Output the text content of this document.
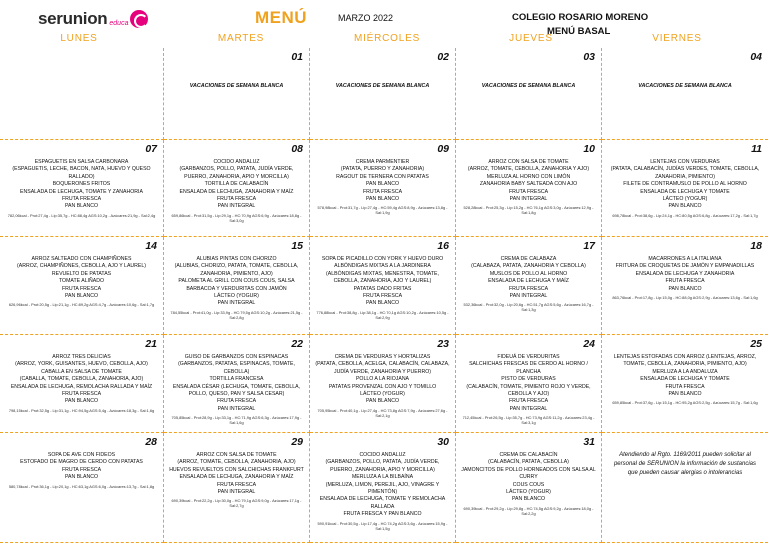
serunion educa	MENÚ	MARZO 2022	COLEGIO ROSARIO MORENO
MENÚ BASAL
LUNES	MARTES	MIÉRCOLES	JUEVES	VIERNES
01
VACACIONES DE SEMANA BLANCA
02
VACACIONES DE SEMANA BLANCA
03
VACACIONES DE SEMANA BLANCA
04
VACACIONES DE SEMANA BLANCA
07
ESPAGUETIS EN SALSA CARBONARA
(ESPAGUETIS, LECHE, BACON, NATA, HUEVO Y QUESO RALLADO)
BOQUERONES FRITOS
ENSALADA DE LECHUGA, TOMATE Y ZANAHORIA
FRUTA FRESCA
PAN BLANCO
782,06kcal - Prot:27,4g - Lip:35,7g - HC:88,4g AGS:10,2g - Azúcares:21,9g - Sal:2,4g
08
COCIDO ANDALUZ
(GARBANZOS, POLLO, PATATA, JUDÍA VERDE, PUERRO, ZANAHORIA, APIO Y MORCILLA)
TORTILLA DE CALABACÍN
ENSALADA DE LECHUGA, ZANAHORIA Y MAÍZ
FRUTA FRESCA
PAN INTEGRAL
659,86kcal - Prot:31,5g - Lip:29,1g - HC:70,9g AGS:6,9g - Azúcares:18,8g - Sal:3,0g
09
CREMA PARMENTIER
(PATATA, PUERRO Y ZANAHORIA)
RAGOUT DE TERNERA CON PATATAS
PAN BLANCO
FRUTA FRESCA
PAN BLANCO
578,98kcal - Prot:31,7g - Lip:27,4g - HC:59,4g AGS:8,9g - Azúcares:13,8g - Sal:1,9g
10
ARROZ CON SALSA DE TOMATE
(ARROZ, TOMATE, CEBOLLA, ZANAHORIA Y AJO)
MERLUZA AL HORNO CON LIMÓN
ZANAHORIA BABY SALTEADA CON AJO
FRUTA FRESCA
PAN INTEGRAL
528,28kcal - Prot:25,3g - Lip:15,2g - HC:76,1g AGS:3,0g - Azúcares:12,9g - Sal:1,8g
11
LENTEJAS CON VERDURAS
(PATATA, CALABACÍN, JUDÍAS VERDES, TOMATE, CEBOLLA, ZANAHORIA, PIMIENTO)
FILETE DE CONTRAMUSLO DE POLLO AL HORNO
ENSALADA DE LECHUGA Y TOMATE
LÁCTEO (YOGUR)
PAN BLANCO
698,78kcal - Prot:38,6g - Lip:24,1g - HC:80,5g AGS:6,8g - Azúcares:17,2g - Sal:1,7g
14
ARROZ SALTEADO CON CHAMPIÑONES
(ARROZ, CHAMPIÑONES, CEBOLLA, AJO Y LAUREL)
REVUELTO DE PATATAS
TOMATE ALIÑADO
FRUTA FRESCA
PAN BLANCO
626,96kcal - Prot:20,5g - Lip:21,1g - HC:89,2g AGS:4,7g - Azúcares:10,6g - Sal:1,7g
15
ALUBIAS PINTAS CON CHORIZO
(ALUBIAS, CHORIZO, PATATA, TOMATE, CEBOLLA, ZANAHORIA, PIMIENTO, AJO)
PALOMETA AL GRILL CON COUS COUS, SALSA BARBACOA Y VERDURITAS CON JAMÓN
LÁCTEO (YOGUR)
PAN INTEGRAL
784,55kcal - Prot:41,0g - Lip:33,9g - HC:79,5g AGS:10,2g - Azúcares:21,5g - Sal:2,8g
16
SOPA DE PICADILLO CON YORK Y HUEVO DURO
ALBÓNDIGAS MIXTAS A LA JARDINERA
(ALBÓNDIGAS MIXTAS, MENESTRA, TOMATE, CEBOLLA, ZANAHORIA, AJO Y LAUREL)
PATATAS DADO FRITAS
FRUTA FRESCA
PAN BLANCO
776,88kcal - Prot:38,8g - Lip:38,1g - HC:70,1g AGS:10,2g - Azúcares:10,5g - Sal:2,9g
17
CREMA DE CALABAZA
(CALABAZA, PATATA, ZANAHORIA Y CEBOLLA)
MUSLOS DE POLLO AL HORNO
ENSALADA DE LECHUGA Y MAÍZ
FRUTA FRESCA
PAN INTEGRAL
532,36kcal - Prot:32,0g - Lip:20,6g - HC:51,7g AGS:5,6g - Azúcares:16,7g - Sal:1,3g
18
MACARRONES A LA ITALIANA
FRITURA DE CROQUETAS DE JAMÓN Y EMPANADILLAS
ENSALADA DE LECHUGA Y ZANAHORIA
FRUTA FRESCA
PAN BLANCO
863,76kcal - Prot:17,8g - Lip:15,0g - HC:88,0g AGS:2,9g - Azúcares:13,6g - Sal:1,6g
21
ARROZ TRES DELICIAS
(ARROZ, YORK, GUISANTES, HUEVO, CEBOLLA, AJO)
CABALLA EN SALSA DE TOMATE
(CABALLA, TOMATE, CEBOLLA, ZANAHORIA, AJO)
ENSALADA DE LECHUGA, REMOLACHA RALLADA Y MAÍZ
FRUTA FRESCA
PAN BLANCO
798,15kcal - Prot:32,5g - Lip:31,1g - HC:94,5g AGS:5,4g - Azúcares:18,3g - Sal:1,6g
22
GUISO DE GARBANZOS CON ESPINACAS
(GARBANZOS, PATATAS, ESPINACAS, TOMATE, CEBOLLA)
TORTILLA FRANCESA
ENSALADA CÉSAR (LECHUGA, TOMATE, CEBOLLA, POLLO, QUESO, PAN Y SALSA CESAR)
FRUTA FRESCA
PAN INTEGRAL
705,85kcal - Prot:28,9g - Lip:33,1g - HC:71,9g AGS:6,3g - Azúcares:17,9g - Sal:1,6g
23
CREMA DE VERDURAS Y HORTALIZAS
(PATATA, CEBOLLA, ACELGA, CALABACÍN, CALABAZA, JUDÍA VERDE, ZANAHORIA Y PUERRO)
POLLO A LA RIOJANA
PATATAS PROVENZAL CON AJO Y TOMILLO
LÁCTEO (YOGUR)
PAN BLANCO
705,95kcal - Prot:40,1g - Lip:27,4g - HC:73,8g AGS:7,9g - Azúcares:27,6g - Sal:2,1g
24
FIDEUÁ DE VERDURITAS
SALCHICHAS FRESCAS DE CERDO AL HORNO / PLANCHA
PISTO DE VERDURAS
(CALABACÍN, TOMATE, PIMIENTO ROJO Y VERDE, CEBOLLA Y AJO)
FRUTA FRESCA
PAN INTEGRAL
712,45kcal - Prot:26,5g - Lip:35,7g - HC:73,9g AGS:11,2g - Azúcares:23,4g - Sal:3,1g
25
LENTEJAS ESTOFADAS CON ARROZ (LENTEJAS, ARROZ, TOMATE, CEBOLLA, ZANAHORIA, PIMIENTO, AJO)
MERLUZA A LA ANDALUZA
ENSALADA DE LECHUGA Y TOMATE
FRUTA FRESCA
PAN BLANCO
659,85kcal - Prot:37,6g - Lip:15,1g - HC:95,2g AGS:2,5g - Azúcares:15,7g - Sal:1,6g
28
SOPA DE AVE CON FIDEOS
ESTOFADO DE MAGRO DE CERDO CON PATATAS
FRUTA FRESCA
PAN BLANCO
580,78kcal - Prot:36,1g - Lip:20,1g - HC:63,1g AGS:6,0g - Azúcares:13,7g - Sal:1,8g
29
ARROZ CON SALSA DE TOMATE
(ARROZ, TOMATE, CEBOLLA, ZANAHORIA, AJO)
HUEVOS REVUELTOS CON SALCHICHAS FRANKFURT
ENSALADA DE LECHUGA, ZANAHORIA Y MAÍZ
FRUTA FRESCA
PAN INTEGRAL
690,39kcal - Prot:22,2g - Lip:30,0g - HC:79,1g AGS:9,0g - Azúcares:17,1g - Sal:2,7g
30
COCIDO ANDALUZ
(GARBANZOS, POLLO, PATATA, JUDÍA VERDE, PUERRO, ZANAHORIA, APIO Y MORCILLA)
MERLUZA A LA BILBAÍNA
(MERLUZA, LIMON, PEREJIL, AJO, VINAGRE Y PIMENTÓN)
ENSALADA DE LECHUGA, TOMATE Y REMOLACHA RALLADA
FRUTA FRESCA Y PAN BLANCO
590,91kcal - Prot:30,5g - Lip:17,4g - HC:74,2g AGS:3,6g - Azúcares:15,9g - Sal:1,5g
31
CREMA DE CALABACÍN
(CALABACÍN, PATATA, CEBOLLA)
JAMONCITOS DE POLLO HORNEADOS CON SALSA AL CURRY
COUS COUS
LÁCTEO (YOGUR)
PAN BLANCO
690,39kcal - Prot:29,2g - Lip:29,8g - HC:74,5g AGS:9,2g - Azúcares:18,0g - Sal:2,2g
Atendiendo al Rgto. 1169/2011 pueden solicitar al personal de SERUNION la información de sustancias que pueden causar alergias o intolerancias
